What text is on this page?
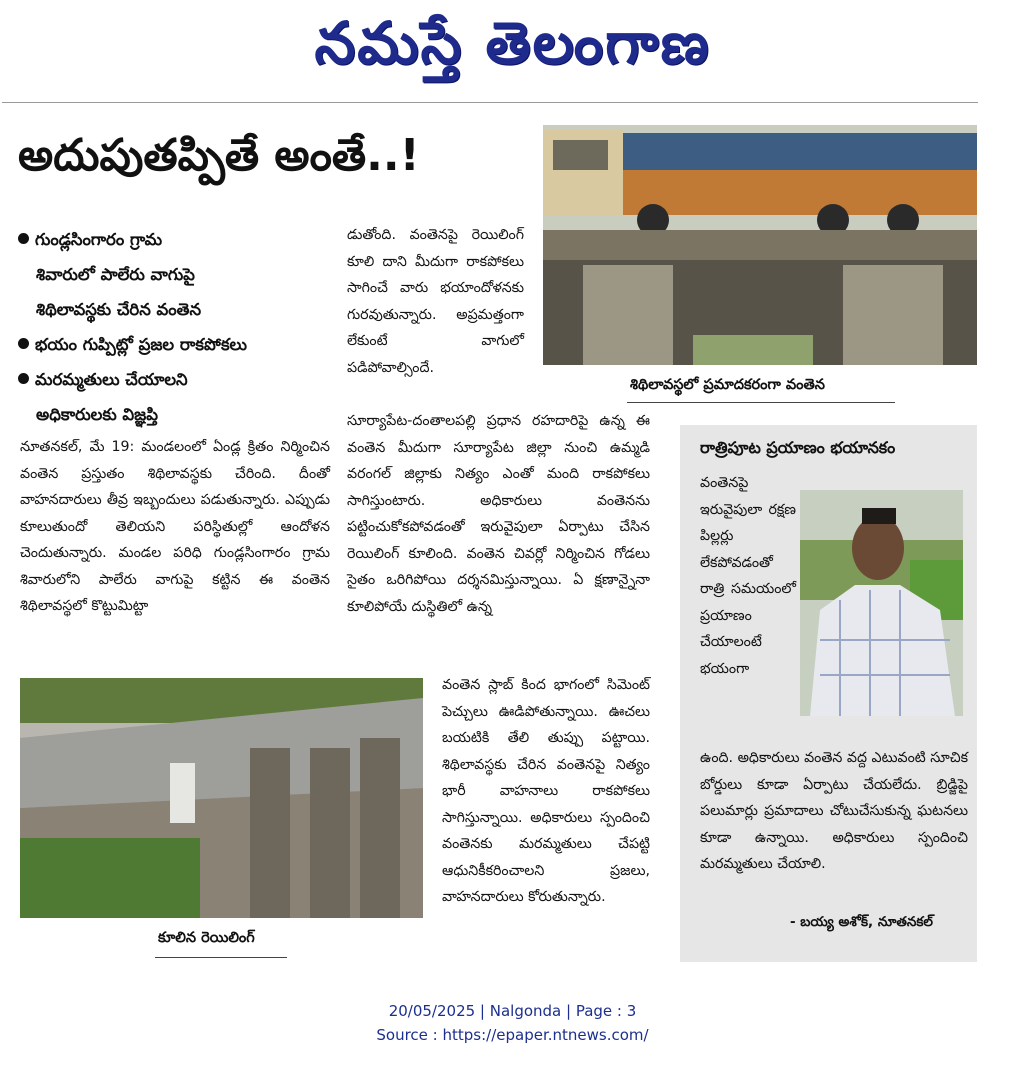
నమస్తే తెలంగాణ
అదుపుతప్పితే అంతే..!
గుండ్లసింగారం గ్రామ
శివారులో పాలేరు వాగుపై
శిథిలావస్థకు చేరిన వంతెన
భయం గుప్పిట్లో ప్రజల రాకపోకలు
మరమ్మతులు చేయాలని
అధికారులకు విజ్ఞప్తి
నూతనకల్, మే 19: మండలంలో ఏండ్ల క్రితం నిర్మించిన వంతెన ప్రస్తుతం శిథిలావస్థకు చేరింది. దీంతో వాహనదారులు తీవ్ర ఇబ్బందులు పడుతున్నారు. ఎప్పుడు కూలుతుందో తెలియని పరిస్థితుల్లో ఆందోళన చెందుతున్నారు. మండల పరిధి గుండ్లసింగారం గ్రామ శివారులోని పాలేరు వాగుపై కట్టిన ఈ వంతెన శిథిలావస్థలో కొట్టుమిట్టా
డుతోంది. వంతెనపై రెయిలింగ్ కూలి దాని మీదుగా రాకపోకలు సాగించే వారు భయాందోళనకు గురవుతున్నారు. అప్రమత్తంగా లేకుంటే వాగులో పడిపోవాల్సిందే.
సూర్యాపేట-దంతాలపల్లి ప్రధాన రహదారిపై ఉన్న ఈ వంతెన మీదుగా సూర్యాపేట జిల్లా నుంచి ఉమ్మడి వరంగల్ జిల్లాకు నిత్యం ఎంతో మంది రాకపోకలు సాగిస్తుంటారు. అధికారులు వంతెనను పట్టించుకోకపోవడంతో ఇరువైపులా ఏర్పాటు చేసిన రెయిలింగ్ కూలింది. వంతెన చివర్లో నిర్మించిన గోడలు సైతం ఒరిగిపోయి దర్శనమిస్తున్నాయి. ఏ క్షణాన్నైనా కూలిపోయే దుస్థితిలో ఉన్న
వంతెన స్లాబ్ కింద భాగంలో సిమెంట్ పెచ్చులు ఊడిపోతున్నాయి. ఊచలు బయటికి తేలి తుప్పు పట్టాయి. శిథిలావస్థకు చేరిన వంతెనపై నిత్యం భారీ వాహనాలు రాకపోకలు సాగిస్తున్నాయి. అధికారులు స్పందించి వంతెనకు మరమ్మతులు చేపట్టి ఆధునికీకరించాలని ప్రజలు, వాహనదారులు కోరుతున్నారు.
శిథిలావస్థలో ప్రమాదకరంగా వంతెన
కూలిన రెయిలింగ్
రాత్రిపూట ప్రయాణం భయానకం
వంతెనపై ఇరువైపులా రక్షణ పిల్లర్లు లేకపోవడంతో రాత్రి సమయంలో ప్రయాణం చేయాలంటే భయంగా
ఉంది. అధికారులు వంతెన వద్ద ఎటువంటి సూచిక బోర్డులు కూడా ఏర్పాటు చేయలేదు. బ్రిడ్జిపై పలుమార్లు ప్రమాదాలు చోటుచేసుకున్న ఘటనలు కూడా ఉన్నాయి. అధికారులు స్పందించి మరమ్మతులు చేయాలి.
- బయ్య అశోక్, నూతనకల్
20/05/2025 | Nalgonda | Page : 3
Source : https://epaper.ntnews.com/
